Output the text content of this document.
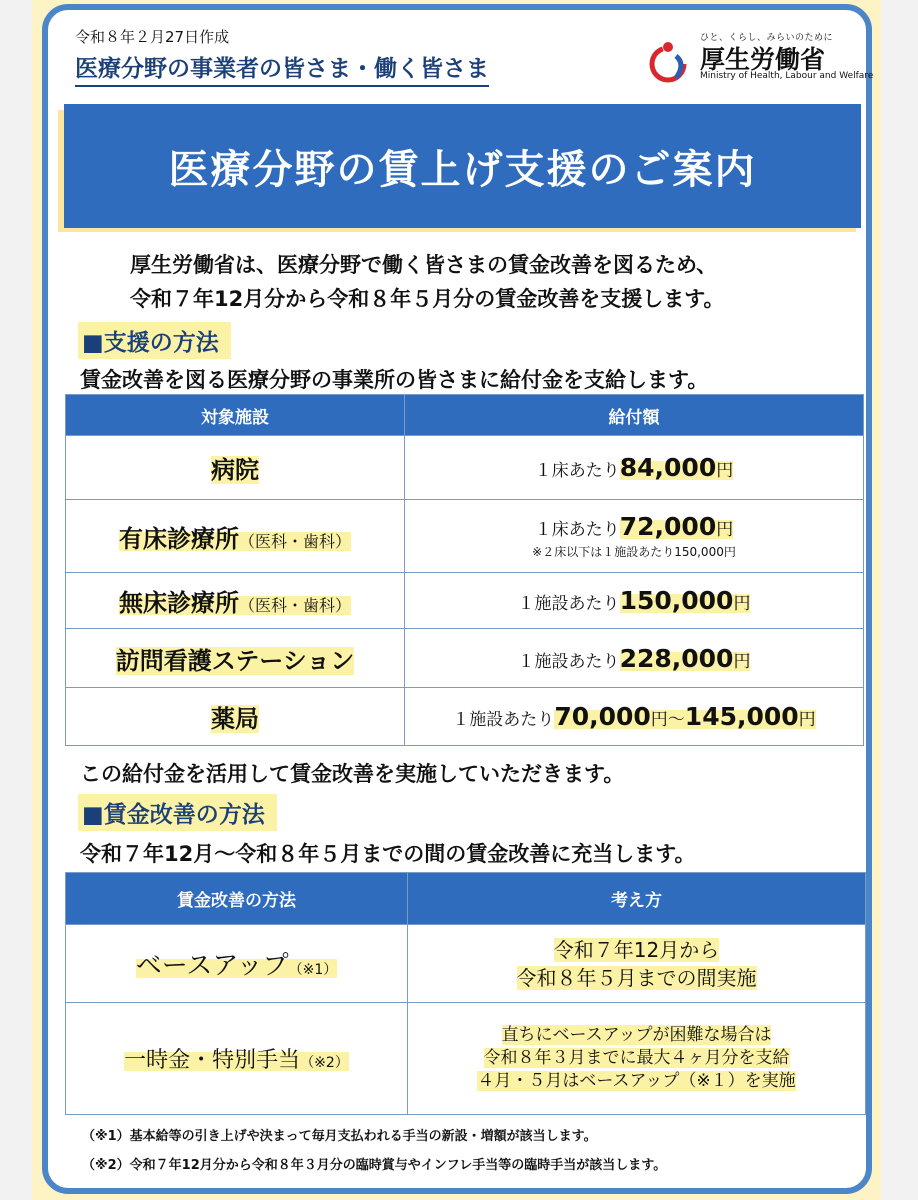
令和８年２月27日作成
医療分野の事業者の皆さま・働く皆さま
ひと、くらし、みらいのために
厚生労働省
Ministry of Health, Labour and Welfare
医療分野の賃上げ支援のご案内
厚生労働省は、医療分野で働く皆さまの賃金改善を図るため、
令和７年12月分から令和８年５月分の賃金改善を支援します。
■支援の方法
賃金改善を図る医療分野の事業所の皆さまに給付金を支給します。
対象施設	給付額
病院	１床あたり84,000円
有床診療所（医科・歯科）	１床あたり72,000円
※２床以下は１施設あたり150,000円

無床診療所（医科・歯科）	１施設あたり150,000円
訪問看護ステーション	１施設あたり228,000円
薬局	１施設あたり70,000円～145,000円
この給付金を活用して賃金改善を実施していただきます。
■賃金改善の方法
令和７年12月～令和８年５月までの間の賃金改善に充当します。
賃金改善の方法	考え方
ベースアップ（※1）	令和７年12月から
令和８年５月までの間実施
一時金・特別手当（※2）	直ちにベースアップが困難な場合は
令和８年３月までに最大４ヶ月分を支給
４月・５月はベースアップ（※１）を実施
（※1）基本給等の引き上げや決まって毎月支払われる手当の新設・増額が該当します。
（※2）令和７年12月分から令和８年３月分の臨時賞与やインフレ手当等の臨時手当が該当します。
